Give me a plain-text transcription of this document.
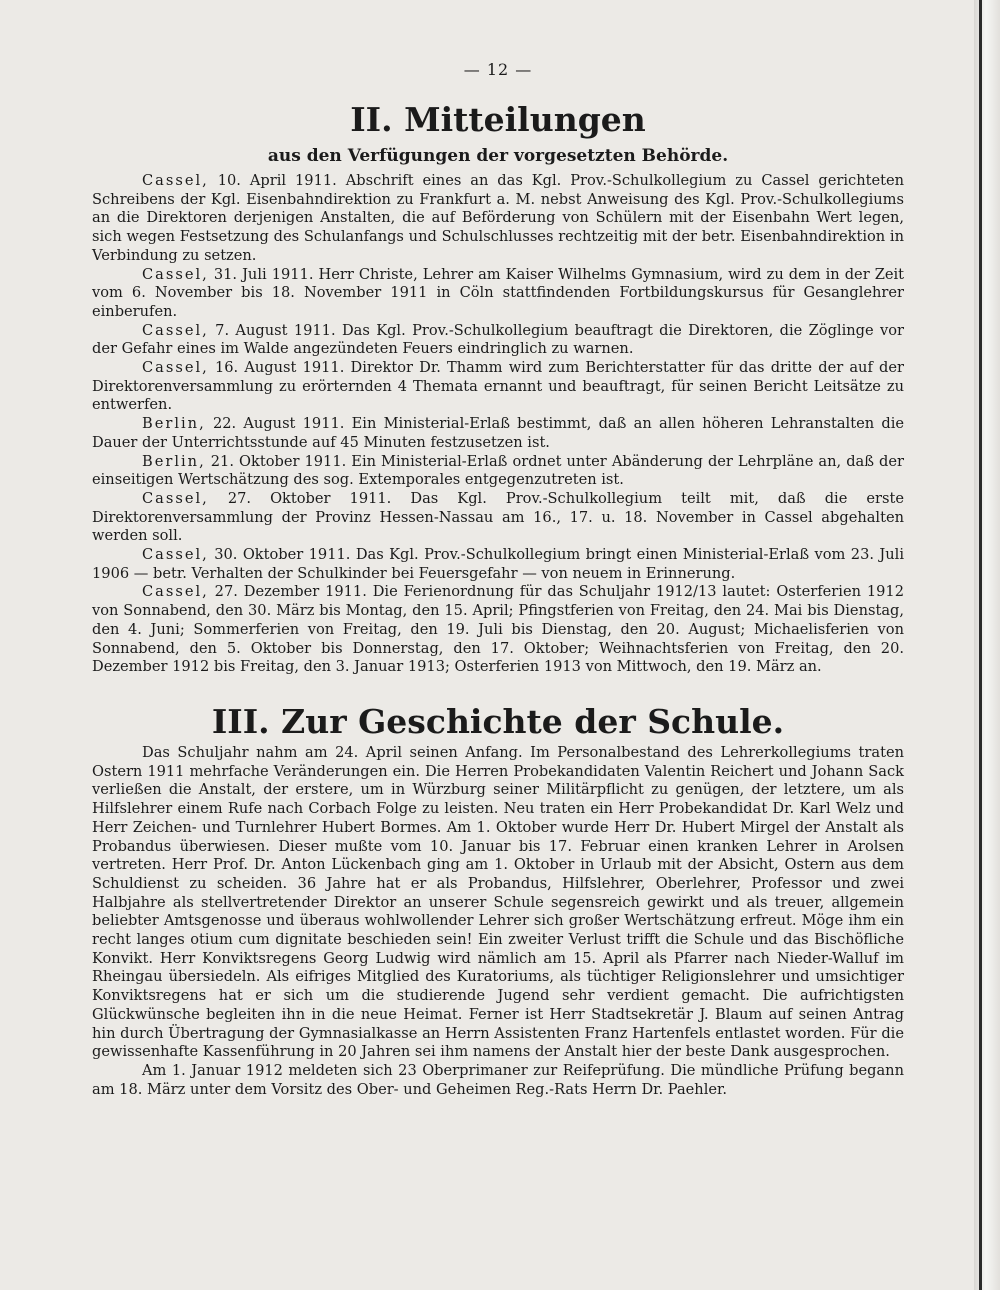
— 12 —
II. Mitteilungen
aus den Verfügungen der vorgesetzten Behörde.

Cassel, 10. April 1911. Abschrift eines an das Kgl. Prov.-Schulkollegium zu Cassel gerichteten Schreibens der Kgl. Eisenbahndirektion zu Frankfurt a. M. nebst Anweisung des Kgl. Prov.-Schulkollegiums an die Direktoren derjenigen Anstalten, die auf Beförderung von Schülern mit der Eisenbahn Wert legen, sich wegen Festsetzung des Schulanfangs und Schulschlusses rechtzeitig mit der betr. Eisenbahndirektion in Verbindung zu setzen.

Cassel, 31. Juli 1911. Herr Christe, Lehrer am Kaiser Wilhelms Gymnasium, wird zu dem in der Zeit vom 6. November bis 18. November 1911 in Cöln stattfindenden Fortbildungskursus für Gesanglehrer einberufen.

Cassel, 7. August 1911. Das Kgl. Prov.-Schulkollegium beauftragt die Direktoren, die Zöglinge vor der Gefahr eines im Walde angezündeten Feuers eindringlich zu warnen.

Cassel, 16. August 1911. Direktor Dr. Thamm wird zum Berichterstatter für das dritte der auf der Direktorenversammlung zu erörternden 4 Themata ernannt und beauftragt, für seinen Bericht Leitsätze zu entwerfen.

Berlin, 22. August 1911. Ein Ministerial-Erlaß bestimmt, daß an allen höheren Lehranstalten die Dauer der Unterrichtsstunde auf 45 Minuten festzusetzen ist.

Berlin, 21. Oktober 1911. Ein Ministerial-Erlaß ordnet unter Abänderung der Lehrpläne an, daß der einseitigen Wertschätzung des sog. Extemporales entgegenzutreten ist.

Cassel, 27. Oktober 1911. Das Kgl. Prov.-Schulkollegium teilt mit, daß die erste Direktorenversammlung der Provinz Hessen-Nassau am 16., 17. u. 18. November in Cassel abgehalten werden soll.

Cassel, 30. Oktober 1911. Das Kgl. Prov.-Schulkollegium bringt einen Ministerial-Erlaß vom 23. Juli 1906 — betr. Verhalten der Schulkinder bei Feuersgefahr — von neuem in Erinnerung.

Cassel, 27. Dezember 1911. Die Ferienordnung für das Schuljahr 1912/13 lautet: Osterferien 1912 von Sonnabend, den 30. März bis Montag, den 15. April; Pfingstferien von Freitag, den 24. Mai bis Dienstag, den 4. Juni; Sommerferien von Freitag, den 19. Juli bis Dienstag, den 20. August; Michaelisferien von Sonnabend, den 5. Oktober bis Donnerstag, den 17. Oktober; Weihnachtsferien von Freitag, den 20. Dezember 1912 bis Freitag, den 3. Januar 1913; Osterferien 1913 von Mittwoch, den 19. März an.

III. Zur Geschichte der Schule.

Das Schuljahr nahm am 24. April seinen Anfang. Im Personalbestand des Lehrerkollegiums traten Ostern 1911 mehrfache Veränderungen ein. Die Herren Probekandidaten Valentin Reichert und Johann Sack verließen die Anstalt, der erstere, um in Würzburg seiner Militärpflicht zu genügen, der letztere, um als Hilfslehrer einem Rufe nach Corbach Folge zu leisten. Neu traten ein Herr Probekandidat Dr. Karl Welz und Herr Zeichen- und Turnlehrer Hubert Bormes. Am 1. Oktober wurde Herr Dr. Hubert Mirgel der Anstalt als Probandus überwiesen. Dieser mußte vom 10. Januar bis 17. Februar einen kranken Lehrer in Arolsen vertreten. Herr Prof. Dr. Anton Lückenbach ging am 1. Oktober in Urlaub mit der Absicht, Ostern aus dem Schuldienst zu scheiden. 36 Jahre hat er als Probandus, Hilfslehrer, Oberlehrer, Professor und zwei Halbjahre als stellvertretender Direktor an unserer Schule segensreich gewirkt und als treuer, allgemein beliebter Amtsgenosse und überaus wohlwollender Lehrer sich großer Wertschätzung erfreut. Möge ihm ein recht langes otium cum dignitate beschieden sein! Ein zweiter Verlust trifft die Schule und das Bischöfliche Konvikt. Herr Konviktsregens Georg Ludwig wird nämlich am 15. April als Pfarrer nach Nieder-Walluf im Rheingau übersiedeln. Als eifriges Mitglied des Kuratoriums, als tüchtiger Religionslehrer und umsichtiger Konviktsregens hat er sich um die studierende Jugend sehr verdient gemacht. Die aufrichtigsten Glückwünsche begleiten ihn in die neue Heimat. Ferner ist Herr Stadtsekretär J. Blaum auf seinen Antrag hin durch Übertragung der Gymnasialkasse an Herrn Assistenten Franz Hartenfels entlastet worden. Für die gewissenhafte Kassenführung in 20 Jahren sei ihm namens der Anstalt hier der beste Dank ausgesprochen.

Am 1. Januar 1912 meldeten sich 23 Oberprimaner zur Reifeprüfung. Die mündliche Prüfung begann am 18. März unter dem Vorsitz des Ober- und Geheimen Reg.-Rats Herrn Dr. Paehler.
